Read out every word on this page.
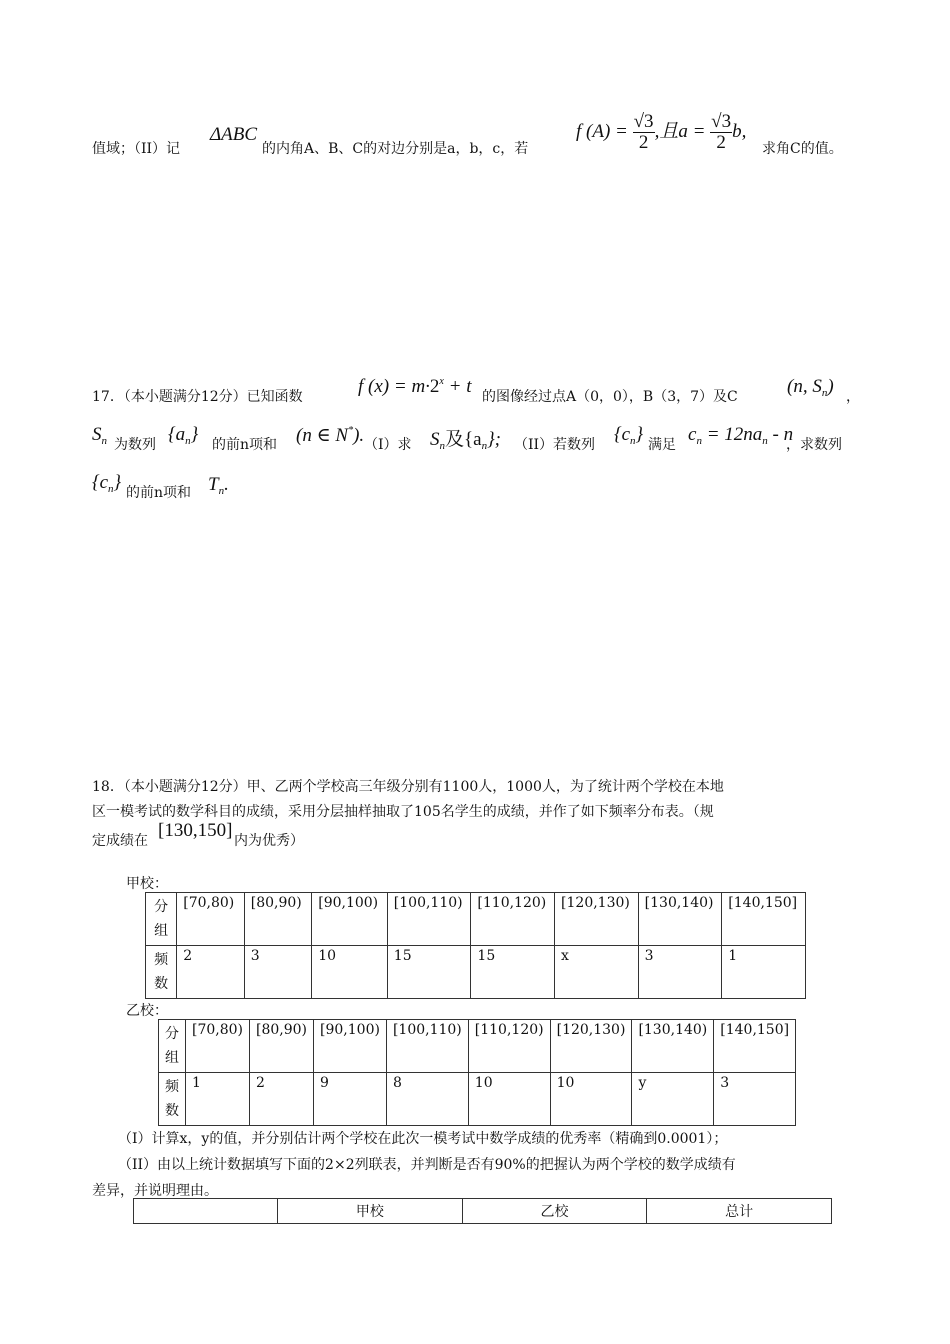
值域；（II）记
ΔABC
的内角A、B、C的对边分别是a，b，c，若
f $(A) = \frac{√3}{2}$ ,且$a = \frac{√3}{2} b$,
求角C的值。
17．（本小题满分12分）已知函数	f $(x) = m\cdot 2^x + t$ 的图像经过点A（0，0），B（3，7）及C	(n, $S_n$) ，
$S_n$ 为数列 $\{a_n\}$ 的前n项和 (n ∈ N*). （I）求 $S_n$及$\{a_n\}$; （II）若数列 $\{c_n\}$ 满足 $c_n = 12na_n - n$
，求数列
$\{c_n\}$ 的前n项和 $T_n$.
18．（本小题满分12分）甲、乙两个学校高三年级分别有1100人，1000人，为了统计两个学校在本地
区一模考试的数学科目的成绩，采用分层抽样抽取了105名学生的成绩，并作了如下频率分布表。（规
定成绩在 [130,150] 内为优秀）
甲校：
分组	[70,80)	[80,90)	[90,100)	[100,110)	[110,120)	[120,130)	[130,140)	[140,150]
频数	2	3	10	15	15	x	3	1
乙校：
分组	[70,80)	[80,90)	[90,100)	[100,110)	[110,120)	[120,130)	[130,140)	[140,150]
频数	1	2	9	8	10	10	y	3
（I）计算x，y的值，并分别估计两个学校在此次一模考试中数学成绩的优秀率（精确到0.0001）；
（II）由以上统计数据填写下面的2×2列联表，并判断是否有90%的把握认为两个学校的数学成绩有
差异，并说明理由。
	甲校	乙校	总计
